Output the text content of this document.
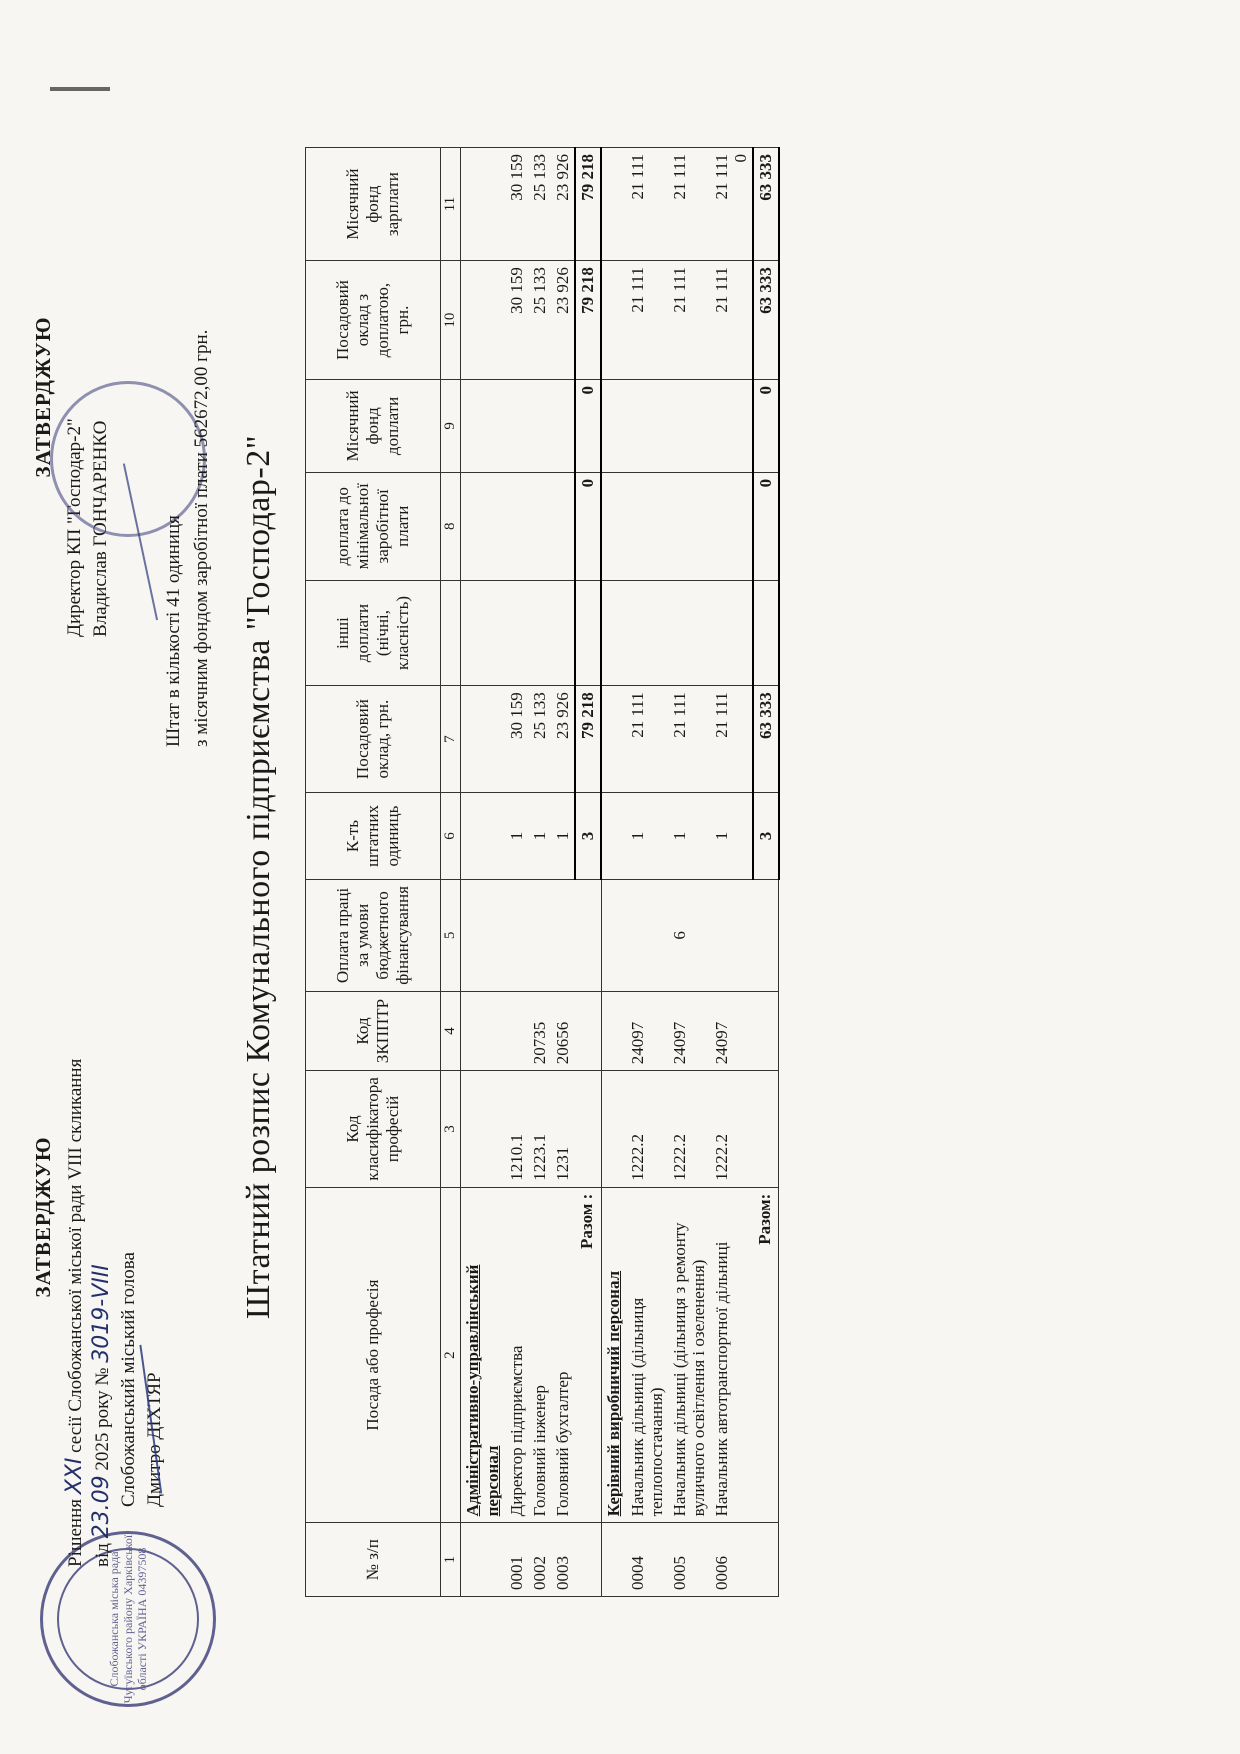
Слобожанська міська рада Чугуївського району Харківської області УКРАЇНА 04397508
ЗАТВЕРДЖУЮ
Рішення XXI сесії Слобожанської міської ради VIII скликання
від 23.09 2025 року № 3019-VIII Слобожанський міський голова Дмитро ДІХТЯР
ЗАТВЕРДЖУЮ
Директор КП "Господар-2" Владислав ГОНЧАРЕНКО	Штат в кількості 41 одиниця з місячним фондом заробітної плати 562672,00 грн. Штатний розпис Комунального підприємства "Господар-2"
№ з/п	Посада або професія	Код класифікатора професій	Код ЗКППТР	Оплата праці за умови бюджетного фінансування	К-ть штатних одиниць	Посадовий оклад, грн.	інші доплати (нічні, класність)	доплата до мінімальної заробітної плати	Місячний фонд доплати	Посадовий оклад з доплатою, грн.	Місячний фонд зарплати
1	2	3	4	5	6	7		8	9	10	11
	Адміністративно-управлінський персонал										
0001	Директор підприємства	1210.1			1	30 159				30 159	30 159
0002	Головний інженер	1223.1	20735		1	25 133				25 133	25 133
0003	Головний бухгалтер	1231	20656		1	23 926				23 926	23 926
	Разом :				3	79 218		0	0	79 218	79 218
	Керівний виробничий персонал										
0004	Начальник дільниці (дільниця теплопостачання)	1222.2	24097		1	21 111				21 111	21 111
0005	Начальник дільниці (дільниця з ремонту вуличного освітлення і озеленення)	1222.2	24097	6	1	21 111				21 111	21 111
0006	Начальник автотранспортної дільниці	1222.2	24097		1	21 111				21 111	21 111
0
	Разом:				3	63 333		0	0	63 333	63 333
